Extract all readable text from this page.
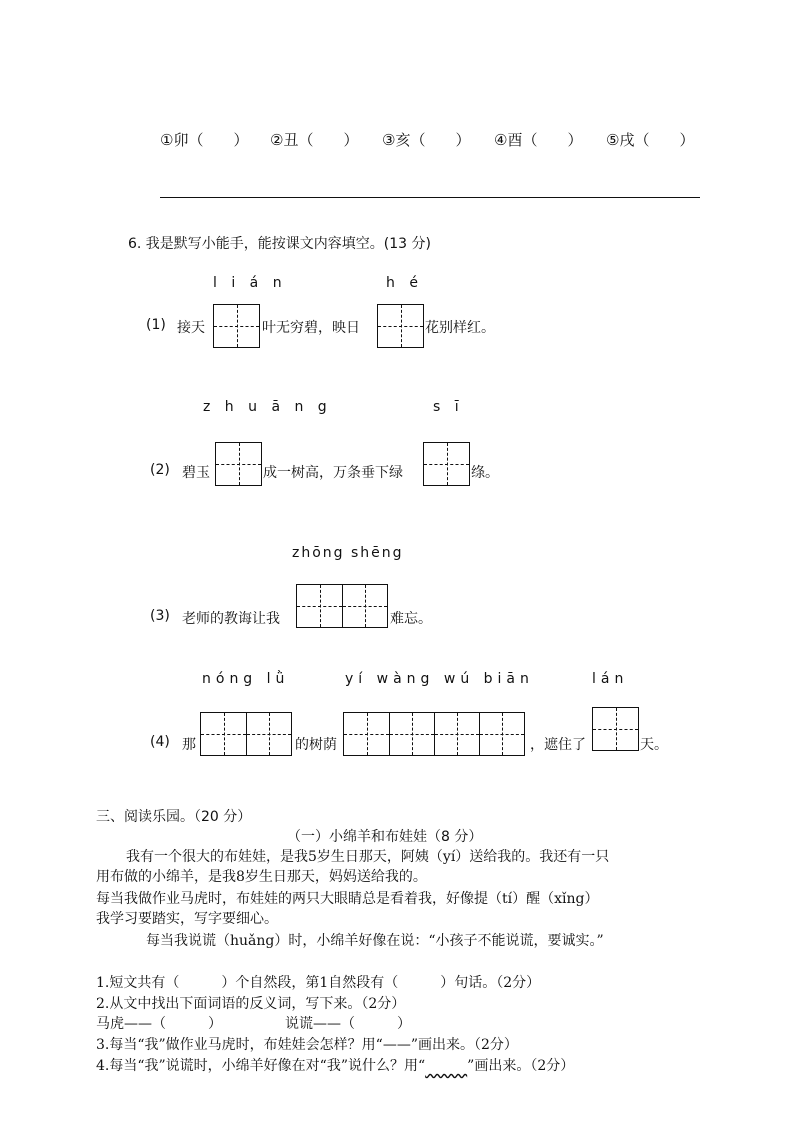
①卯（ ） ②丑（ ） ③亥（ ） ④酉（ ） ⑤戌（ ）
6. 我是默写小能手，能按课文内容填空。(13 分)
l i á n	h é
(1) 接天	叶无穷碧，映日	花别样红。
z h u ā n g	s ī
(2) 碧玉	成一树高，万条垂下绿	绦。
zhōng shēng
(3) 老师的教诲让我	难忘。
nóng lǜ	yí wàng wú biān	lán
(4) 那	的树荫	，遮住了	天。
三、阅读乐园。（20 分）
（一）小绵羊和布娃娃（8 分）
我有一个很大的布娃娃，是我5岁生日那天，阿姨（yí）送给我的。我还有一只
用布做的小绵羊，是我8岁生日那天，妈妈送给我的。
每当我做作业马虎时，布娃娃的两只大眼睛总是看着我，好像提（tí）醒（xǐng）
我学习要踏实，写字要细心。
每当我说谎（huǎng）时，小绵羊好像在说：“小孩子不能说谎，要诚实。”
1.短文共有（　　　）个自然段，第1自然段有（　　　）句话。（2分）
2.从文中找出下面词语的反义词，写下来。（2分）
马虎——（　　　）　　　　　说谎——（　　　）
3.每当“我”做作业马虎时，布娃娃会怎样？用“——”画出来。（2分）
4.每当“我”说谎时，小绵羊好像在对“我”说什么？用“　　　	”画出来。（2分）
